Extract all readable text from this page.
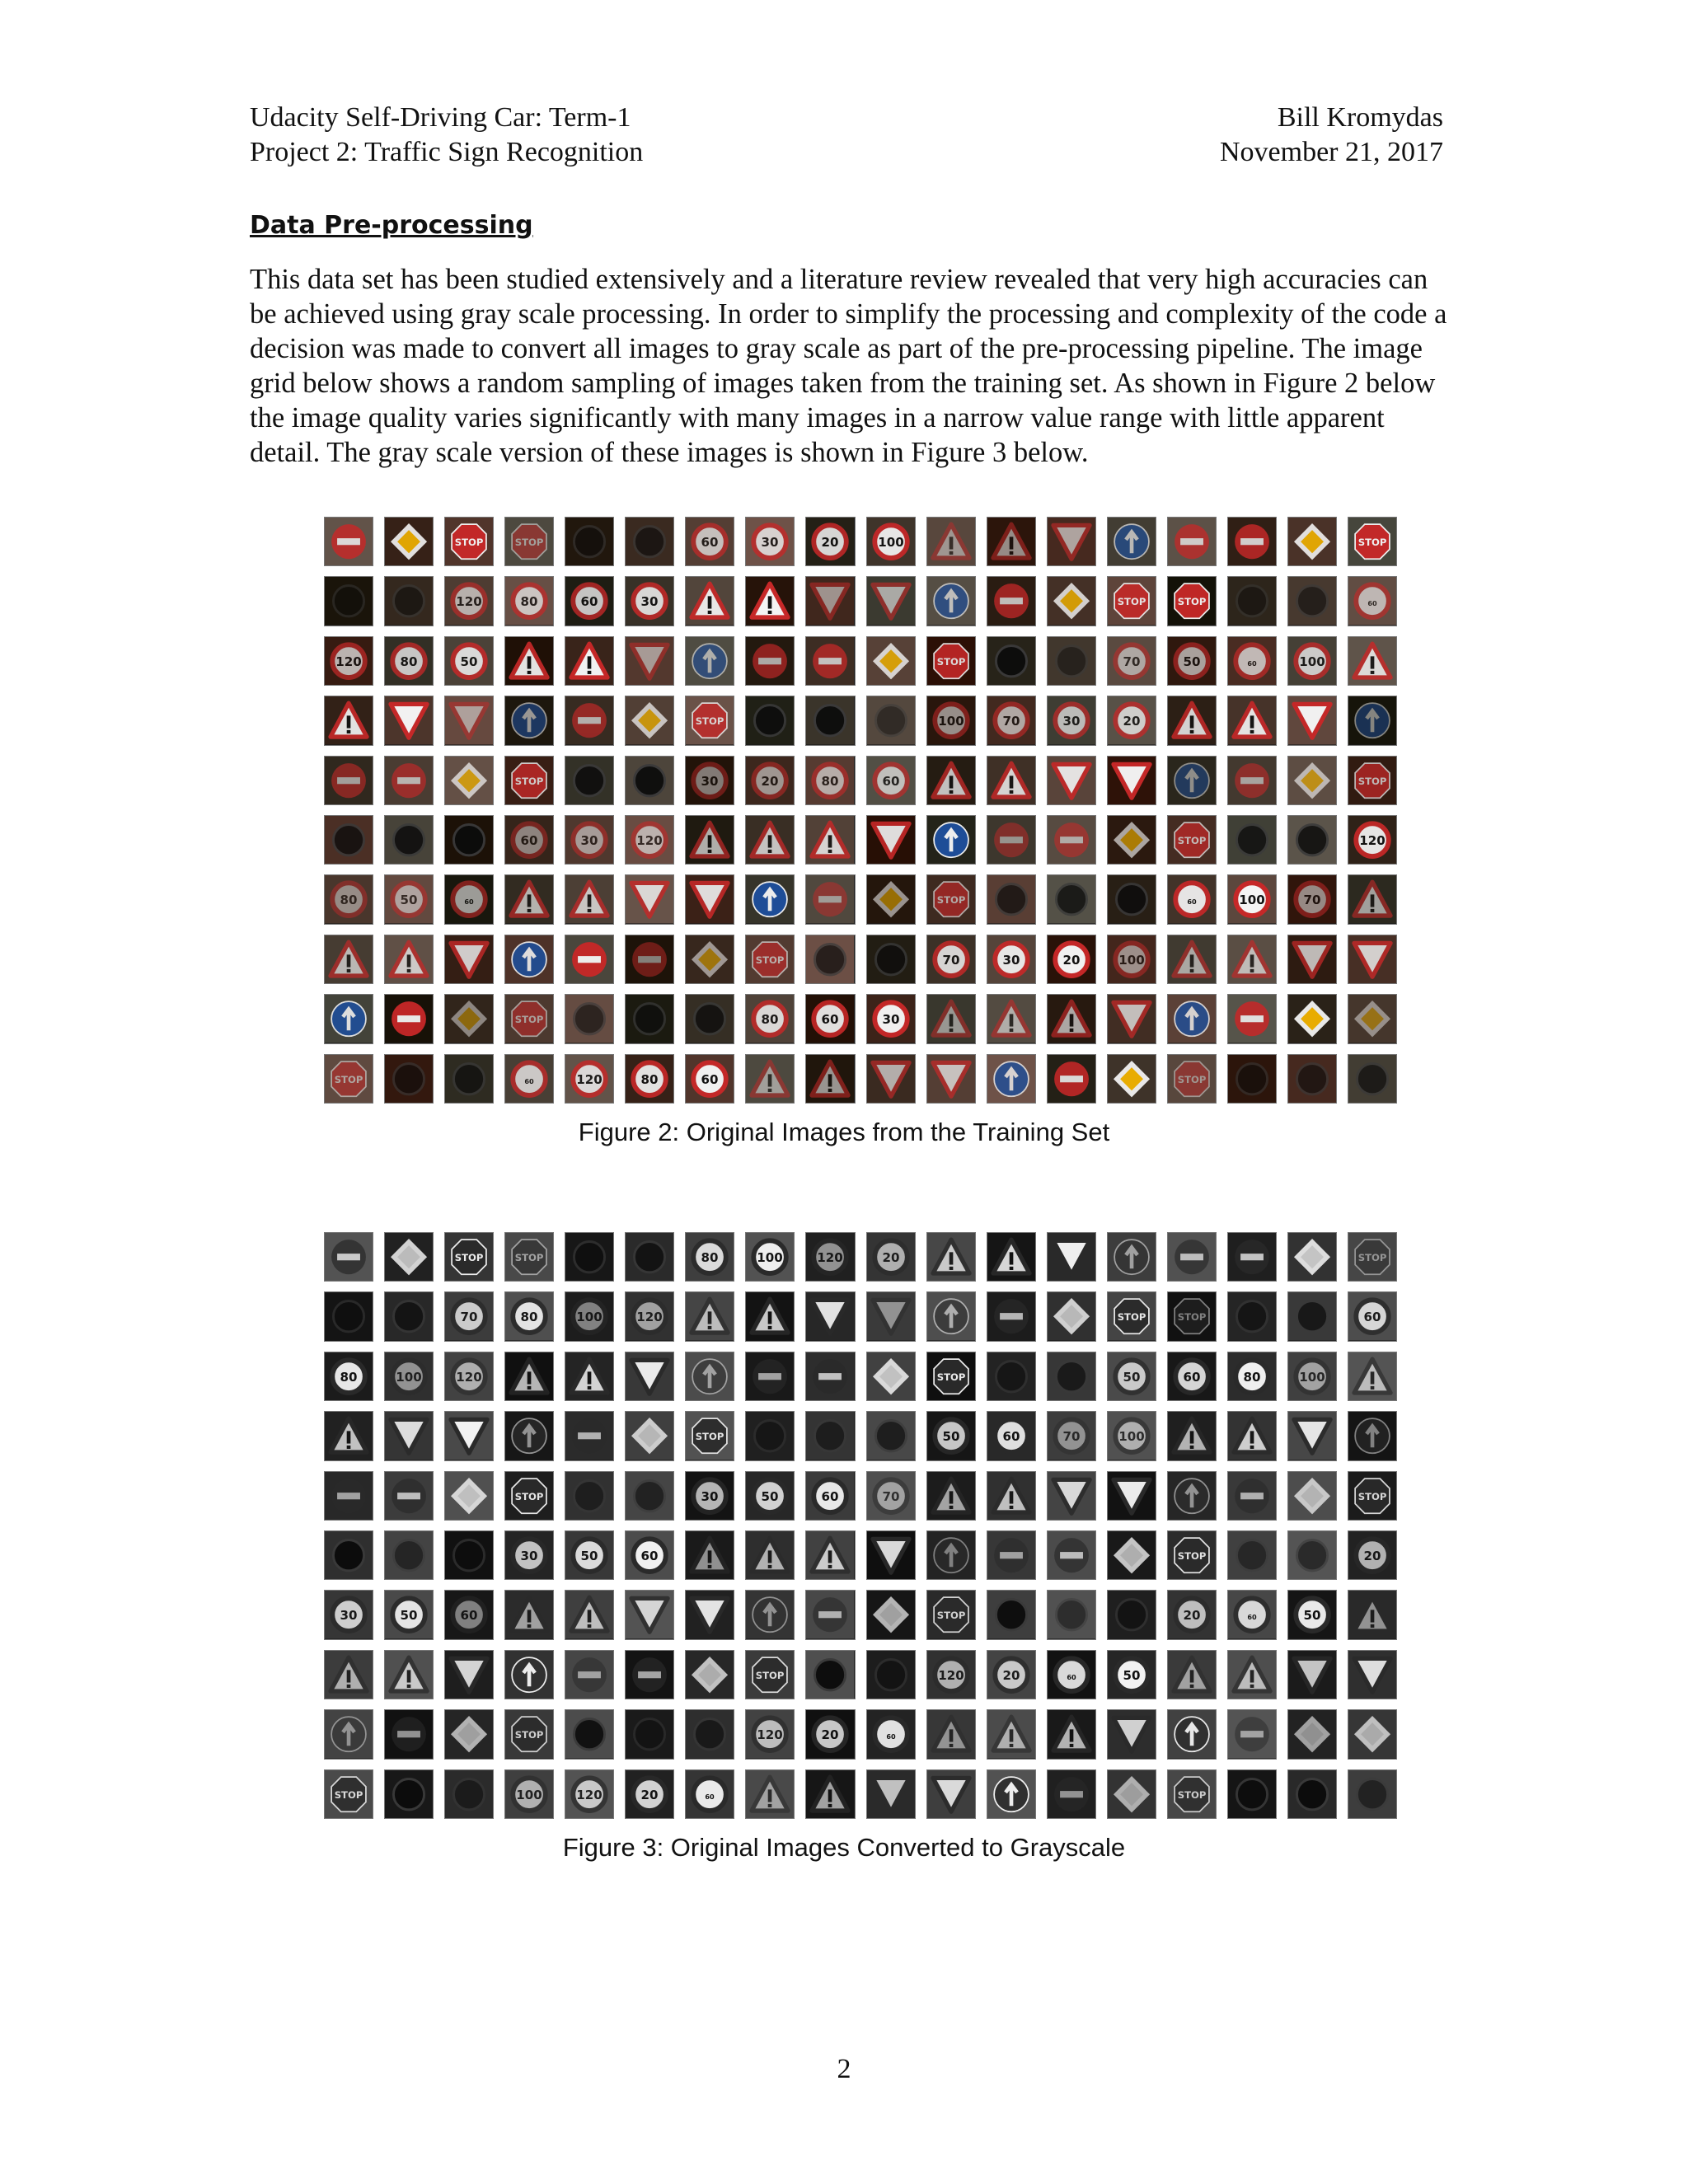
Udacity Self-Driving Car: Term-1	Bill Kromydas
Project 2: Traffic Sign Recognition	November 21, 2017
Data Pre-processing

This data set has been studied extensively and a literature review revealed that very high accuracies can be achieved using gray scale processing. In order to simplify the processing and complexity of the code a decision was made to convert all images to gray scale as part of the pre-processing pipeline. The image grid below shows a random sampling of images taken from the training set. As shown in Figure 2 below the image quality varies significantly with many images in a narrow value range with little apparent detail. The gray scale version of these images is shown in Figure 3 below.

STOP STOP	60 30 20 100	STOP
120 80 60 30	STOP STOP	60
120 80 50	STOP	70 50	60 100
STOP	100 70 30 20
STOP	30 20 80 60	STOP
60 30 120	STOP	120
80 50	60	STOP	60 100 70
STOP	70 30 20 100
STOP	80 60 30
STOP	60 120 80 60	STOP
Figure 2: Original Images from the Training Set
STOP STOP	80 100 120 20	STOP
70 80 100 120	STOP STOP	60
80 100 120	STOP	50 60 80 100
STOP	50 60 70 100
STOP	30 50 60 70	STOP
30 50 60	STOP	20
30 50 60	STOP	20	60 50
STOP	120 20	60 50
STOP	120 20	60
STOP	100 120 20	60	STOP
Figure 3: Original Images Converted to Grayscale
2
